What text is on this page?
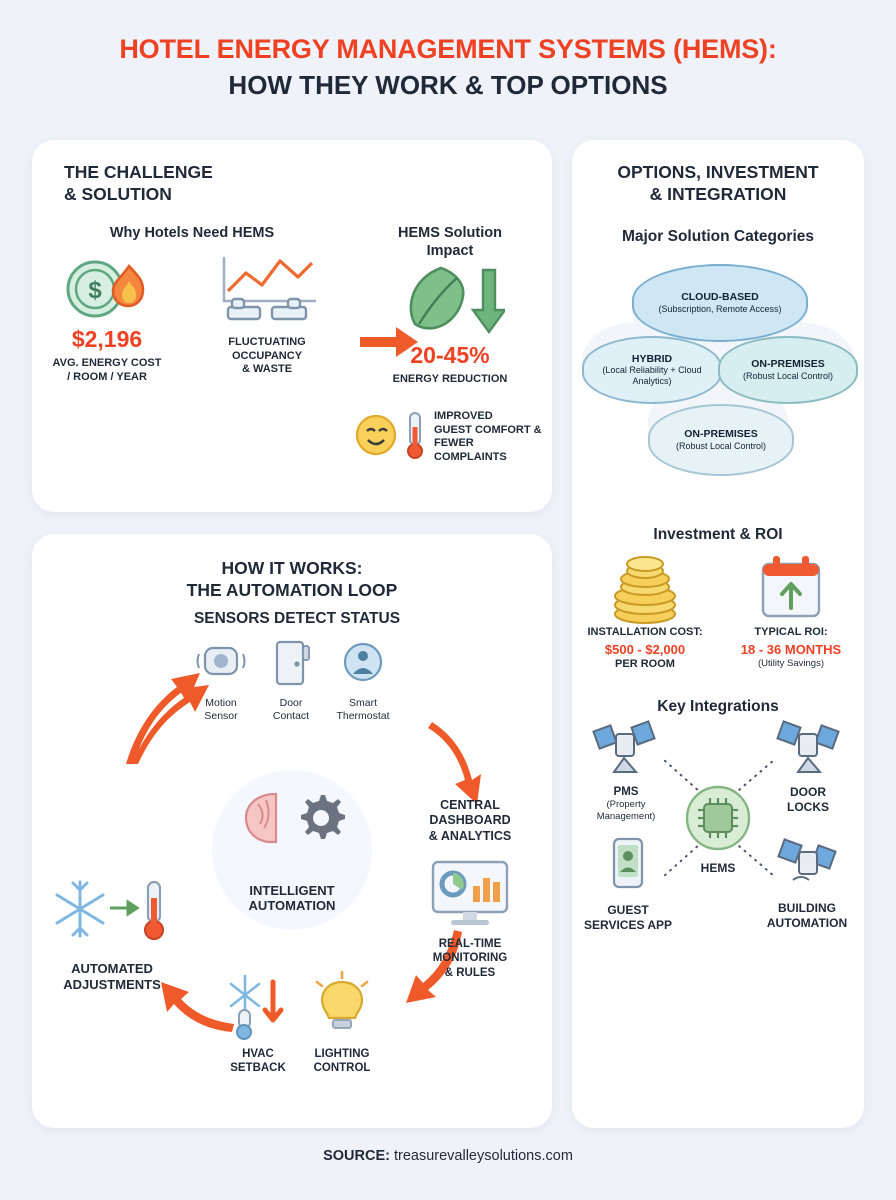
HOTEL ENERGY MANAGEMENT SYSTEMS (HEMS):
HOW THEY WORK & TOP OPTIONS
THE CHALLENGE
& SOLUTION
Why Hotels Need HEMS
$
$2,196
AVG. ENERGY COST
/ ROOM / YEAR
FLUCTUATING
OCCUPANCY
& WASTE
HEMS Solution
Impact
20-45%
ENERGY REDUCTION
IMPROVED
GUEST COMFORT &
FEWER COMPLAINTS
OPTIONS, INVESTMENT
& INTEGRATION
Major Solution Categories
CLOUD-BASED
(Subscription, Remote Access)
HYBRID
(Local Reliability + Cloud Analytics)
ON-PREMISES
(Robust Local Control)
ON-PREMISES
(Robust Local Control)
Investment & ROI
INSTALLATION COST:
$500 - $2,000
PER ROOM
TYPICAL ROI:
18 - 36 MONTHS
(Utility Savings)
Key Integrations
HEMS
PMS
(Property
Management)
DOOR
LOCKS
GUEST
SERVICES APP
BUILDING
AUTOMATION
HOW IT WORKS:
THE AUTOMATION LOOP
SENSORS DETECT STATUS
Motion
Sensor
Door
Contact
Smart
Thermostat
INTELLIGENT
AUTOMATION
CENTRAL
DASHBOARD
& ANALYTICS
REAL-TIME
MONITORING
& RULES
AUTOMATED
ADJUSTMENTS
HVAC
SETBACK
LIGHTING
CONTROL
SOURCE: treasurevalleysolutions.com
